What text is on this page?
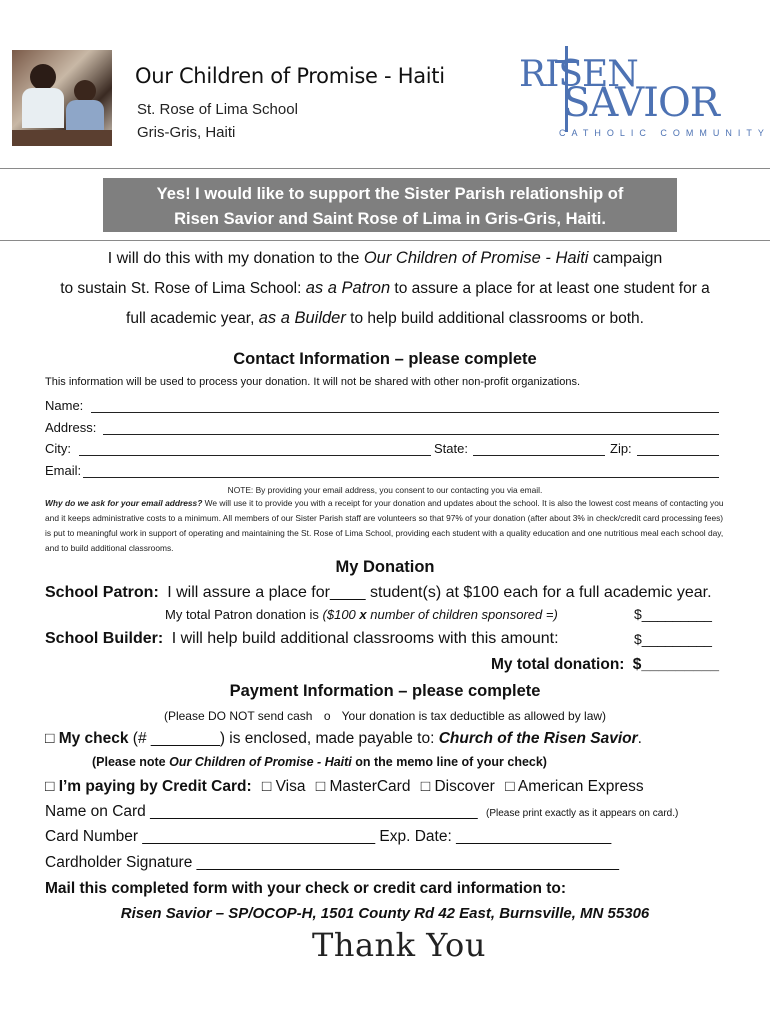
Our Children of Promise - Haiti
St. Rose of Lima School
Gris-Gris, Haiti
RISEN
SAVIOR
CATHOLIC COMMUNITY
Yes! I would like to support the Sister Parish relationship of
Risen Savior and Saint Rose of Lima in Gris-Gris, Haiti.
I will do this with my donation to the Our Children of Promise - Haiti campaign
to sustain St. Rose of Lima School: as a Patron to assure a place for at least one student for a
full academic year, as a Builder to help build additional classrooms or both.
Contact Information – please complete
This information will be used to process your donation. It will not be shared with other non-profit organizations.
Name:
Address:
City:	State:	Zip:
Email:
NOTE: By providing your email address, you consent to our contacting you via email.
Why do we ask for your email address? We will use it to provide you with a receipt for your donation and updates about the school. It is also the lowest cost means of contacting you and it keeps administrative costs to a minimum. All members of our Sister Parish staff are volunteers so that 97% of your donation (after about 3% in check/credit card processing fees) is put to meaningful work in support of operating and maintaining the St. Rose of Lima School, providing each student with a quality education and one nutritious meal each school day, and to build additional classrooms.
My Donation
School Patron: I will assure a place for____ student(s) at $100 each for a full academic year.
My total Patron donation is ($100 x number of children sponsored =)	$_________
School Builder: I will help build additional classrooms with this amount:	$_________
My total donation: $_________
Payment Information – please complete
(Please DO NOT send cash o Your donation is tax deductible as allowed by law)
□ My check (# ________) is enclosed, made payable to: Church of the Risen Savior.
(Please note Our Children of Promise - Haiti on the memo line of your check)
□ I’m paying by Credit Card: □ Visa □ MasterCard □ Discover □ American Express
Name on Card ______________________________________ (Please print exactly as it appears on card.)
Card Number ___________________________ Exp. Date: __________________
Cardholder Signature _________________________________________________
Mail this completed form with your check or credit card information to:
Risen Savior – SP/OCOP-H, 1501 County Rd 42 East, Burnsville, MN 55306
Thank You
